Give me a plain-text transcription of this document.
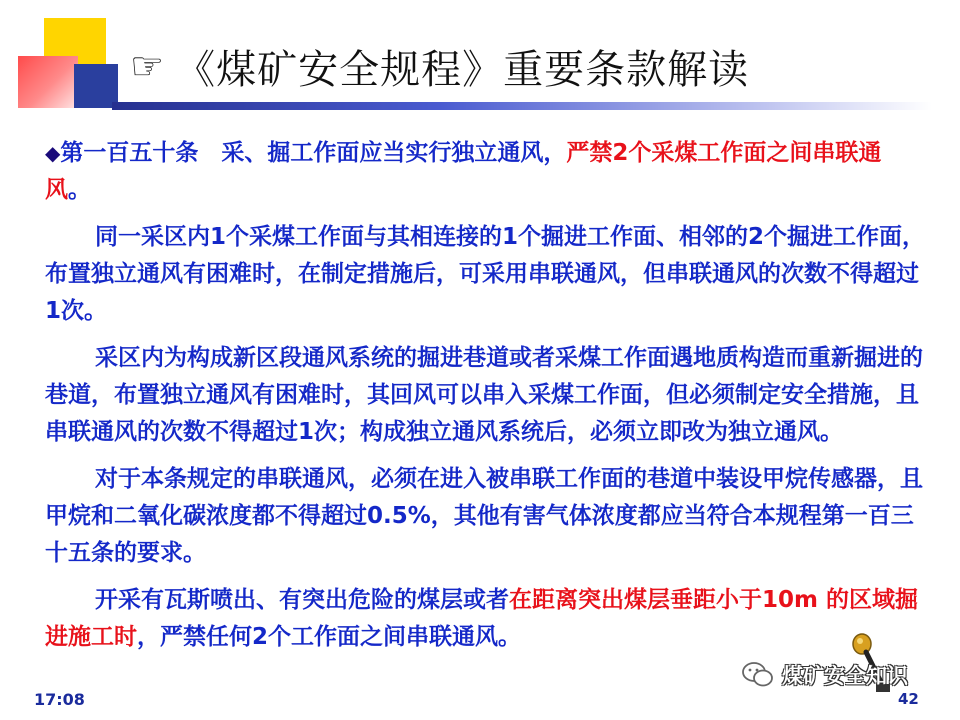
☞ 《煤矿安全规程》重要条款解读

◆第一百五十条　采、掘工作面应当实行独立通风，严禁2个采煤工作面之间串联通风。

同一采区内1个采煤工作面与其相连接的1个掘进工作面、相邻的2个掘进工作面，布置独立通风有困难时，在制定措施后，可采用串联通风，但串联通风的次数不得超过1次。

采区内为构成新区段通风系统的掘进巷道或者采煤工作面遇地质构造而重新掘进的巷道，布置独立通风有困难时，其回风可以串入采煤工作面，但必须制定安全措施，且串联通风的次数不得超过1次；构成独立通风系统后，必须立即改为独立通风。

对于本条规定的串联通风，必须在进入被串联工作面的巷道中装设甲烷传感器，且甲烷和二氧化碳浓度都不得超过0.5%，其他有害气体浓度都应当符合本规程第一百三十五条的要求。

开采有瓦斯喷出、有突出危险的煤层或者在距离突出煤层垂距小于10m 的区域掘进施工时，严禁任何2个工作面之间串联通风。

煤矿安全知识
17:08	42
